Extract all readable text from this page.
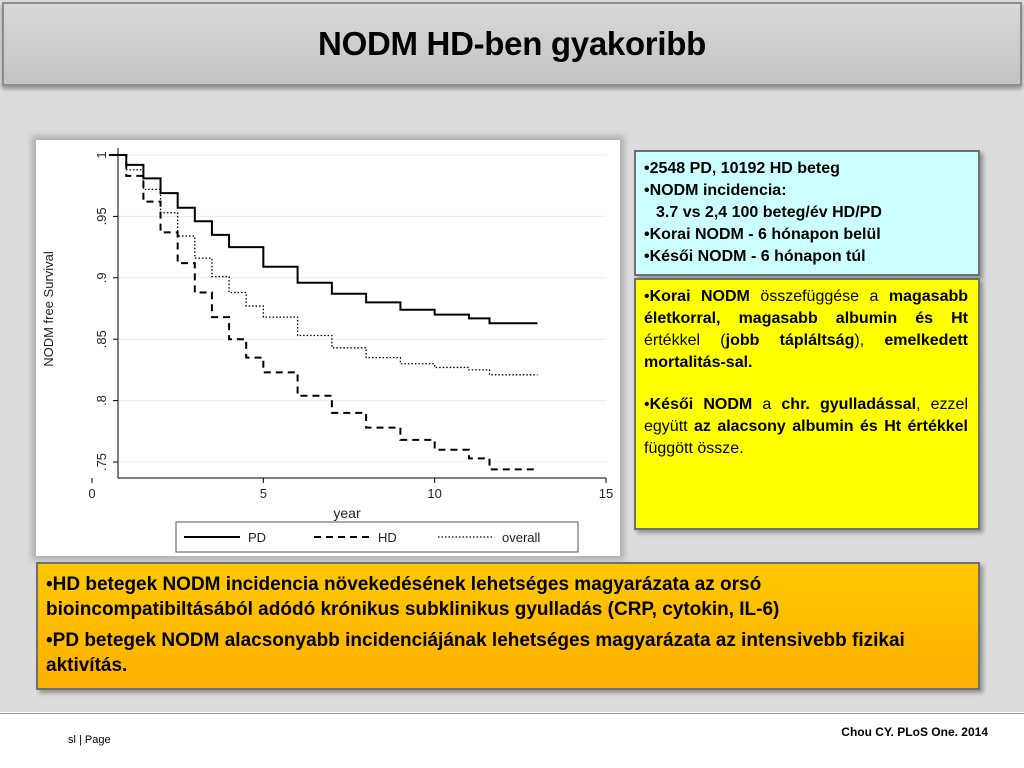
NODM HD-ben gyakoribb
.75
.8
.85
.9
.95
1
0	5	10	15
NODM free Survival
year
PD	HD	overall
•2548 PD, 10192 HD beteg
•NODM incidencia:
3.7 vs 2,4 100 beteg/év HD/PD
•Korai NODM - 6 hónapon belül
•Késői NODM - 6 hónapon túl

•Korai NODM összefüggése a magasabb életkorral, magasabb albumin és Ht értékkel (jobb tápláltság), emelkedett mortalitás-sal.

•Késői NODM a chr. gyulladással, ezzel együtt az alacsony albumin és Ht értékkel függött össze.

•HD betegek NODM incidencia növekedésének lehetséges magyarázata az orsó bioincompatibiltásából adódó krónikus subklinikus gyulladás (CRP, cytokin, IL-6)

•PD betegek NODM alacsonyabb incidenciájának lehetséges magyarázata az intensivebb fizikai aktivítás.

sl | Page
Chou CY. PLoS One. 2014
